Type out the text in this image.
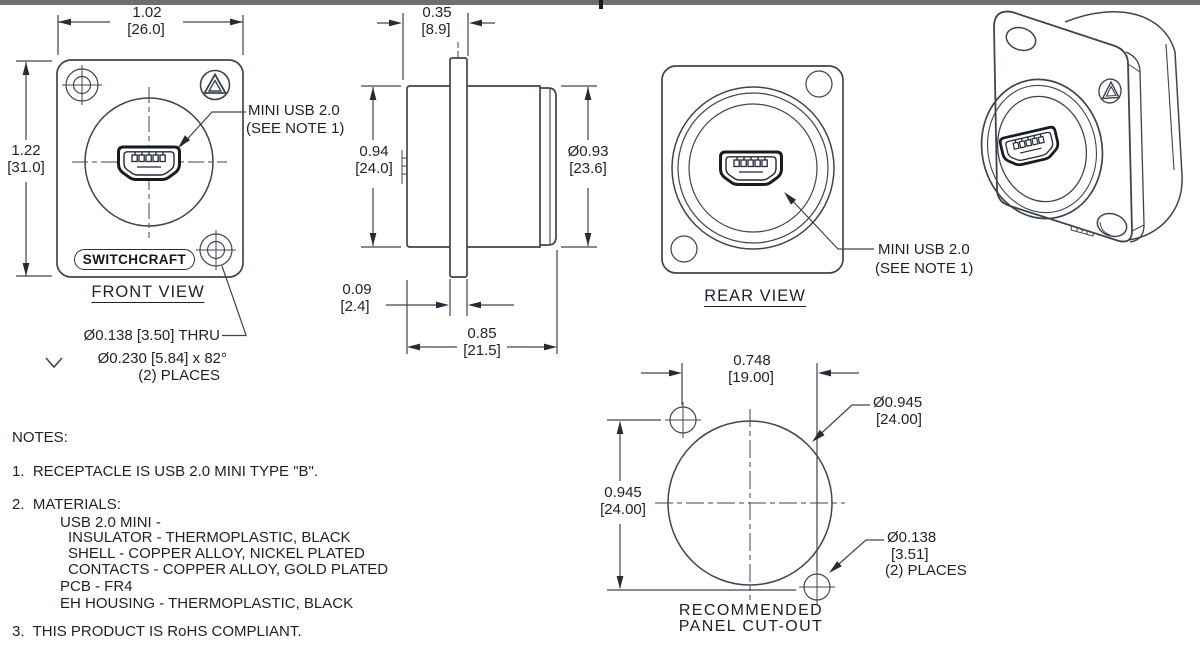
1.02
[26.0]
1.22
[31.0]
MINI USB 2.0
(SEE NOTE 1)
SWITCHCRAFT
FRONT VIEW
Ø0.138 [3.50] THRU
Ø0.230 [5.84] x 82°
(2) PLACES
0.35
[8.9]
0.94
[24.0]
Ø0.93
[23.6]
0.09
[2.4]
0.85
[21.5]
MINI USB 2.0
(SEE NOTE 1)
REAR VIEW
0.748
[19.00]
0.945
[24.00]
Ø0.945
[24.00]
Ø0.138
[3.51]
(2) PLACES
RECOMMENDED
PANEL CUT-OUT
NOTES:
1.  RECEPTACLE IS USB 2.0 MINI TYPE "B".
2.  MATERIALS:
USB 2.0 MINI -
INSULATOR - THERMOPLASTIC, BLACK
SHELL - COPPER ALLOY, NICKEL PLATED
CONTACTS - COPPER ALLOY, GOLD PLATED
PCB - FR4
EH HOUSING - THERMOPLASTIC, BLACK
3.  THIS PRODUCT IS RoHS COMPLIANT.
